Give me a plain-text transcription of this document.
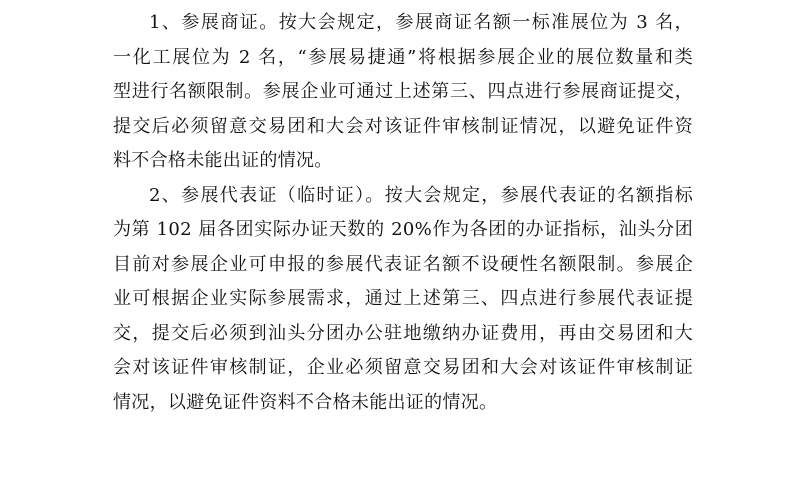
1、参展商证。按大会规定，参展商证名额一标准展位为 3 名，
一化工展位为 2 名，“参展易捷通”将根据参展企业的展位数量和类
型进行名额限制。参展企业可通过上述第三、四点进行参展商证提交，
提交后必须留意交易团和大会对该证件审核制证情况，以避免证件资
料不合格未能出证的情况。
2、参展代表证（临时证）。按大会规定，参展代表证的名额指标
为第 102 届各团实际办证天数的 20%作为各团的办证指标，汕头分团
目前对参展企业可申报的参展代表证名额不设硬性名额限制。参展企
业可根据企业实际参展需求，通过上述第三、四点进行参展代表证提
交，提交后必须到汕头分团办公驻地缴纳办证费用，再由交易团和大
会对该证件审核制证，企业必须留意交易团和大会对该证件审核制证
情况，以避免证件资料不合格未能出证的情况。
